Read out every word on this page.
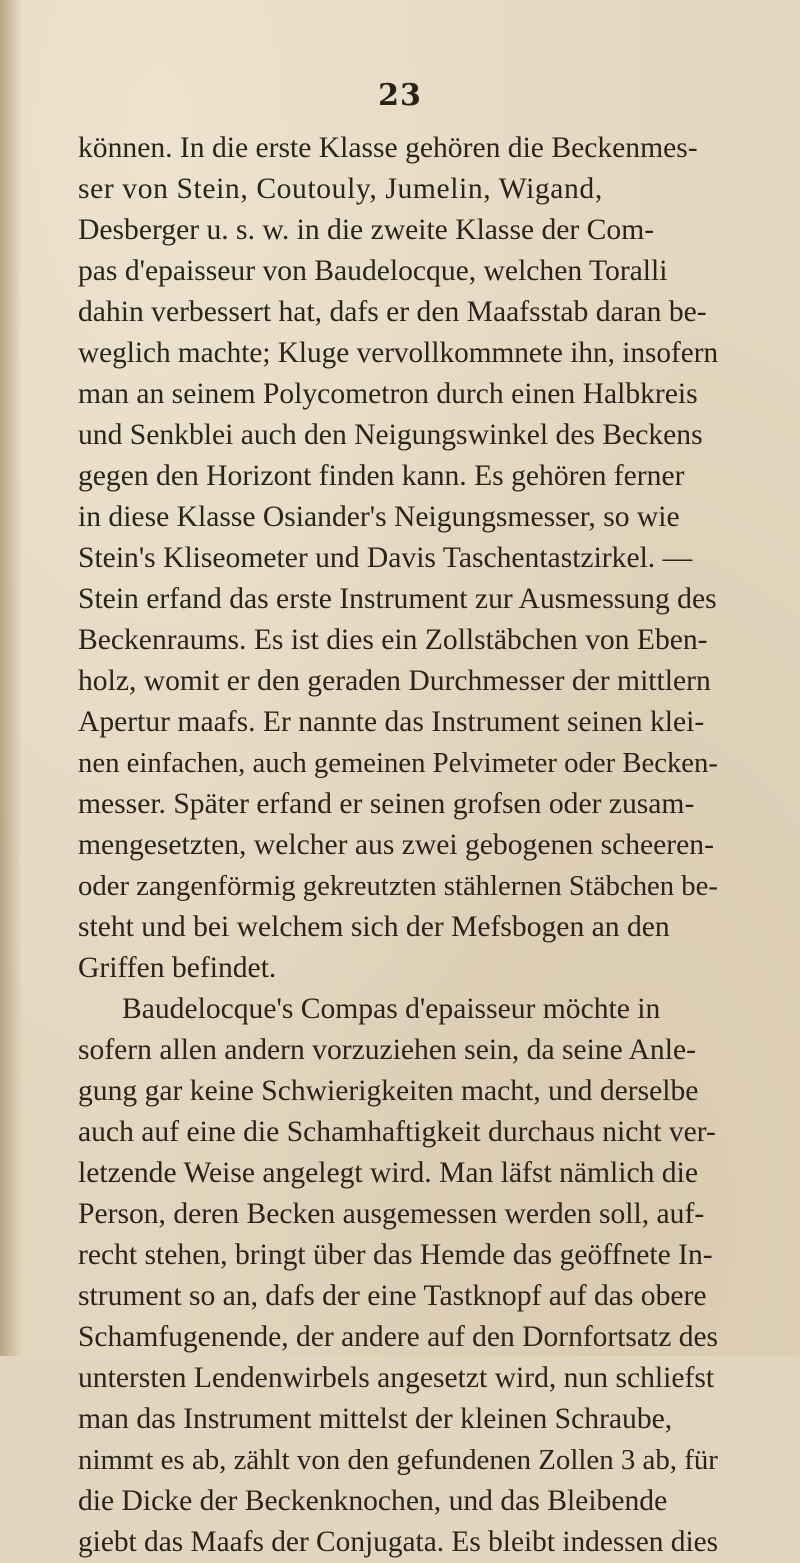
23
können. In die erste Klasse gehören die Beckenmes-
ser von Stein, Coutouly, Jumelin, Wigand,
Desberger u. s. w. in die zweite Klasse der Com-
pas d'epaisseur von Baudelocque, welchen Toralli
dahin verbessert hat, dafs er den Maafsstab daran be-
weglich machte; Kluge vervollkommnete ihn, insofern
man an seinem Polycometron durch einen Halbkreis
und Senkblei auch den Neigungswinkel des Beckens
gegen den Horizont finden kann. Es gehören ferner
in diese Klasse Osiander's Neigungsmesser, so wie
Stein's Kliseometer und Davis Taschentastzirkel. —
Stein erfand das erste Instrument zur Ausmessung des
Beckenraums. Es ist dies ein Zollstäbchen von Eben-
holz, womit er den geraden Durchmesser der mittlern
Apertur maafs. Er nannte das Instrument seinen klei-
nen einfachen, auch gemeinen Pelvimeter oder Becken-
messer. Später erfand er seinen grofsen oder zusam-
mengesetzten, welcher aus zwei gebogenen scheeren-
oder zangenförmig gekreutzten stählernen Stäbchen be-
steht und bei welchem sich der Mefsbogen an den
Griffen befindet.
Baudelocque's Compas d'epaisseur möchte in
sofern allen andern vorzuziehen sein, da seine Anle-
gung gar keine Schwierigkeiten macht, und derselbe
auch auf eine die Schamhaftigkeit durchaus nicht ver-
letzende Weise angelegt wird. Man läfst nämlich die
Person, deren Becken ausgemessen werden soll, auf-
recht stehen, bringt über das Hemde das geöffnete In-
strument so an, dafs der eine Tastknopf auf das obere
Schamfugenende, der andere auf den Dornfortsatz des
untersten Lendenwirbels angesetzt wird, nun schliefst
man das Instrument mittelst der kleinen Schraube,
nimmt es ab, zählt von den gefundenen Zollen 3 ab, für
die Dicke der Beckenknochen, und das Bleibende
giebt das Maafs der Conjugata. Es bleibt indessen dies
